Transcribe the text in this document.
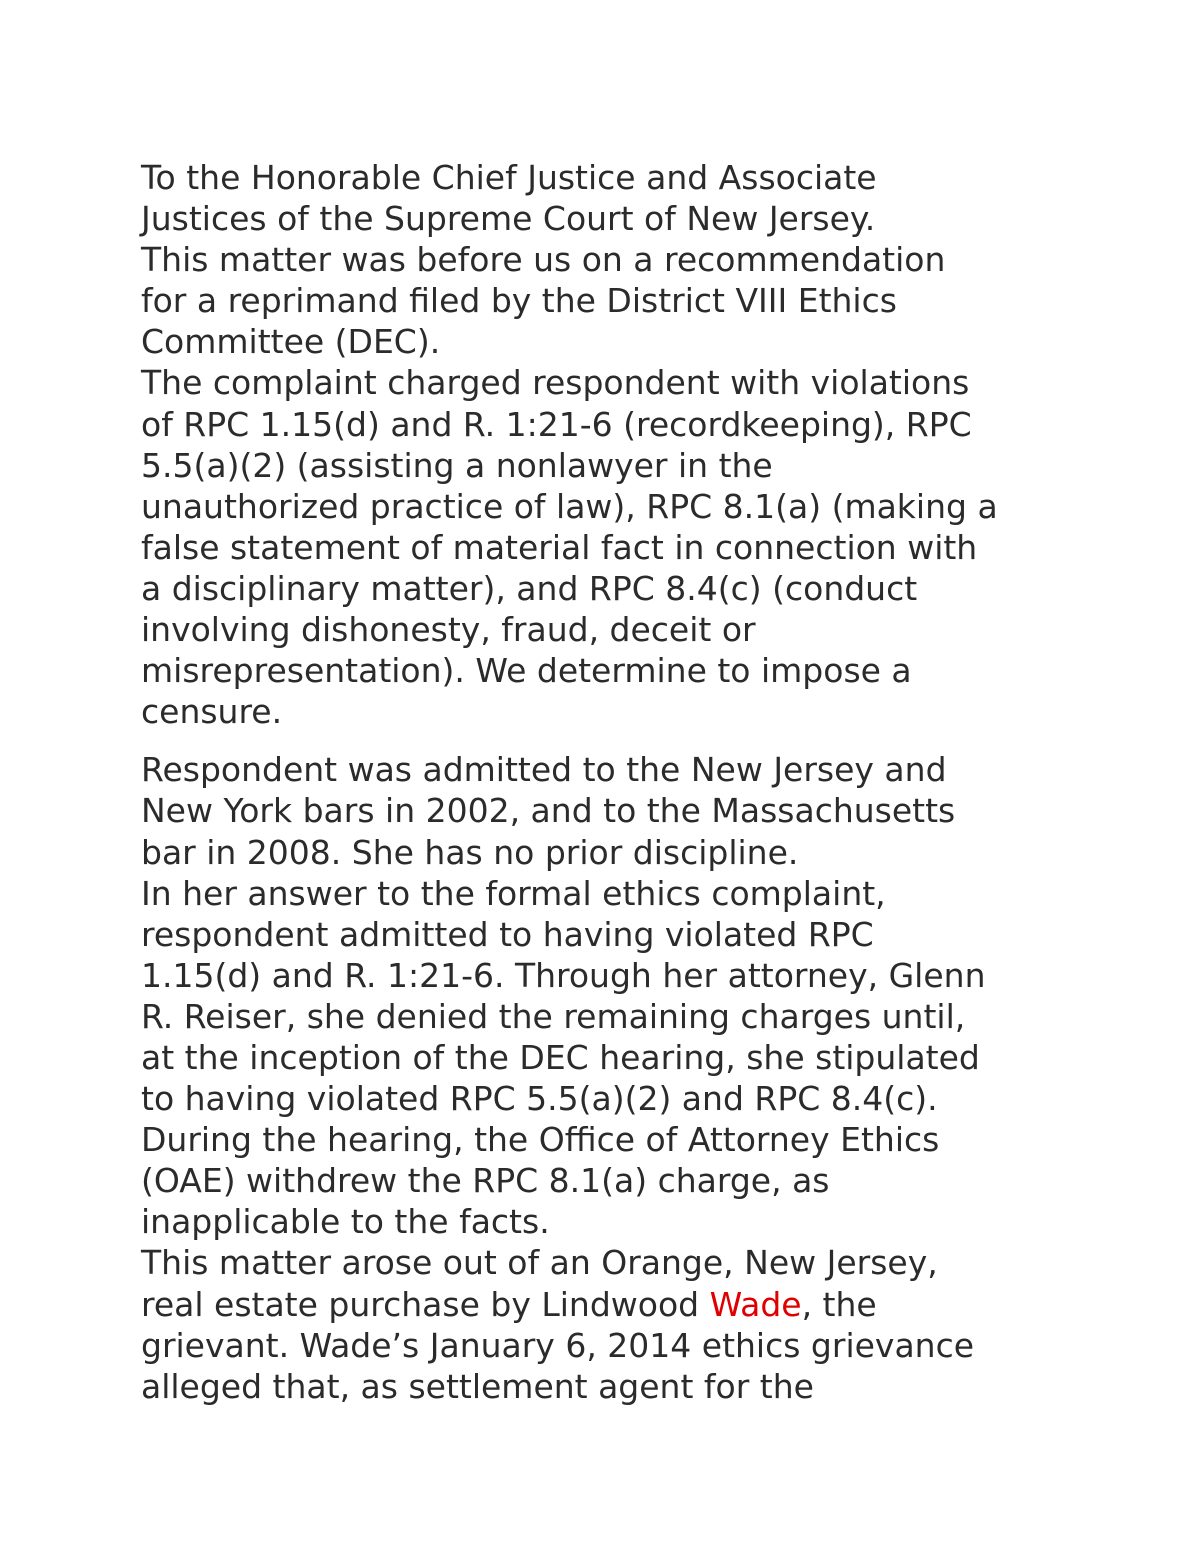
To the Honorable Chief Justice and Associate
Justices of the Supreme Court of New Jersey.

This matter was before us on a recommendation
for a reprimand filed by the District VIII Ethics
Committee (DEC).

The complaint charged respondent with violations
of RPC 1.15(d) and R. 1:21-6 (recordkeeping), RPC
5.5(a)(2) (assisting a nonlawyer in the
unauthorized practice of law), RPC 8.1(a) (making a
false statement of material fact in connection with
a disciplinary matter), and RPC 8.4(c) (conduct
involving dishonesty, fraud, deceit or
misrepresentation). We determine to impose a
censure.

Respondent was admitted to the New Jersey and
New York bars in 2002, and to the Massachusetts
bar in 2008. She has no prior discipline.

In her answer to the formal ethics complaint,
respondent admitted to having violated RPC
1.15(d) and R. 1:21-6. Through her attorney, Glenn
R. Reiser, she denied the remaining charges until,
at the inception of the DEC hearing, she stipulated
to having violated RPC 5.5(a)(2) and RPC 8.4(c).
During the hearing, the Office of Attorney Ethics
(OAE) withdrew the RPC 8.1(a) charge, as
inapplicable to the facts.

This matter arose out of an Orange, New Jersey,
real estate purchase by Lindwood Wade, the
grievant. Wade’s January 6, 2014 ethics grievance
alleged that, as settlement agent for the
